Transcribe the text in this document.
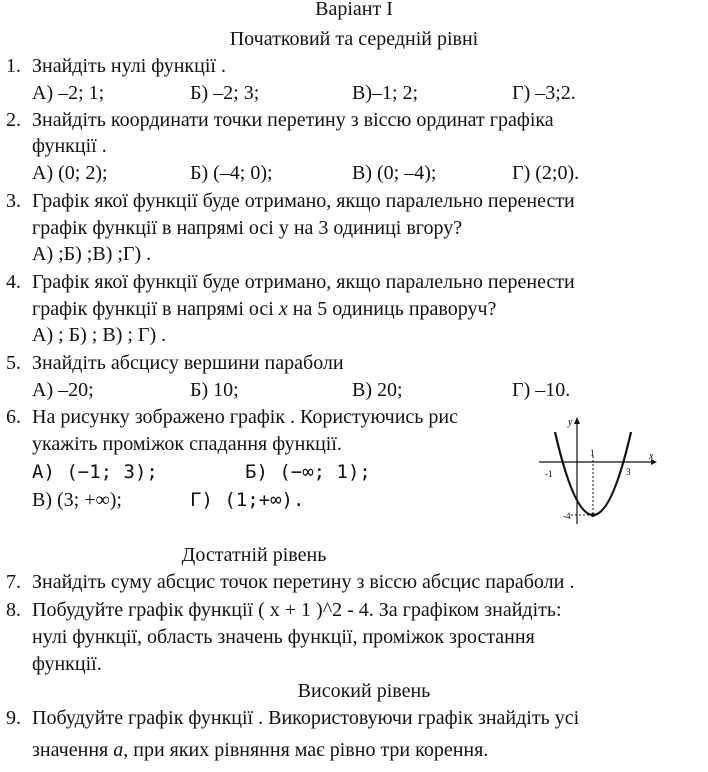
Варіант I
Початковий та середній рівні
1. Знайдіть нулі функції .
А) –2; 1;	Б) –2; 3;	В)–1; 2;	Г) –3;2.
2. Знайдіть координати точки перетину з віссю ординат графіка
функції .
А) (0; 2);	Б) (–4; 0);	В) (0; –4);	Г) (2;0).
3. Графік якої функції буде отримано, якщо паралельно перенести
графік функції в напрямі осі у на 3 одиниці вгору?
А) ;Б) ;В) ;Г) .
4. Графік якої функції буде отримано, якщо паралельно перенести
графік функції в напрямі осі х на 5 одиниць праворуч?
А) ; Б) ; В) ; Г) .
5. Знайдіть абсцису вершини параболи
А) –20;	Б) 10;	В) 20;	Г) –10.
6. На рисунку зображено графік . Користуючись рис
укажіть проміжок спадання функції.
А) (−1; 3);	Б) (−∞; 1);
В) (3; +∞);	Г) (1;+∞).
y
x
-1
1
3
-4
Достатній рівень
7. Знайдіть суму абсцис точок перетину з віссю абсцис параболи .
8. Побудуйте графік функції ( x + 1 )^2 - 4. За графіком знайдіть:
нулі функції, область значень функції, проміжок зростання
функції.
Високий рівень
9. Побудуйте графік функції . Використовуючи графік знайдіть усі
значення а, при яких рівняння має рівно три корення.
